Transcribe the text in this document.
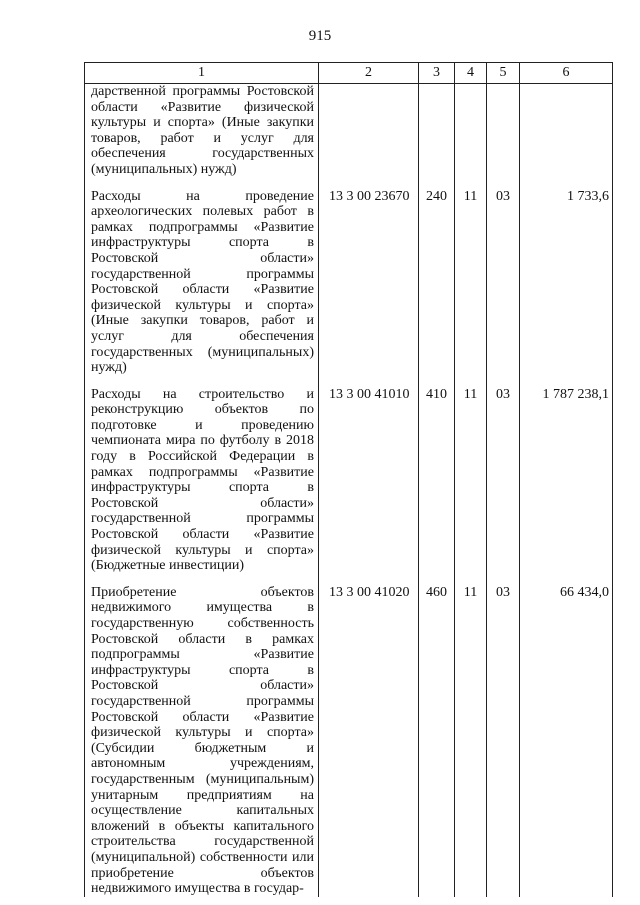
915
1	2	3	4	5	6
дарственной программы Ростовской области «Развитие физической культуры и спорта» (Иные закупки товаров, работ и услуг для обеспечения государственных (муниципальных) нужд)					
Расходы на проведение археологических полевых работ в рамках подпрограммы «Развитие инфраструктуры спорта в Ростовской области» государственной программы Ростовской области «Развитие физической культуры и спорта» (Иные закупки товаров, работ и услуг для обеспечения государственных (муниципальных) нужд)	13 3 00 23670	240	11	03	1 733,6
Расходы на строительство и реконструкцию объектов по подготовке и проведению чемпионата мира по футболу в 2018 году в Российской Федерации в рамках подпрограммы «Развитие инфраструктуры спорта в Ростовской области» государственной программы Ростовской области «Развитие физической культуры и спорта» (Бюджетные инвестиции)	13 3 00 41010	410	11	03	1 787 238,1
Приобретение объектов недвижимого имущества в государственную собственность Ростовской области в рамках подпрограммы «Развитие инфраструктуры спорта в Ростовской области» государственной программы Ростовской области «Развитие физической культуры и спорта» (Субсидии бюджетным и автономным учреждениям, государственным (муниципальным) унитарным предприятиям на осуществление капитальных вложений в объекты капитального строительства государственной (муниципальной) собственности или приобретение объектов недвижимого имущества в государ-	13 3 00 41020	460	11	03	66 434,0
